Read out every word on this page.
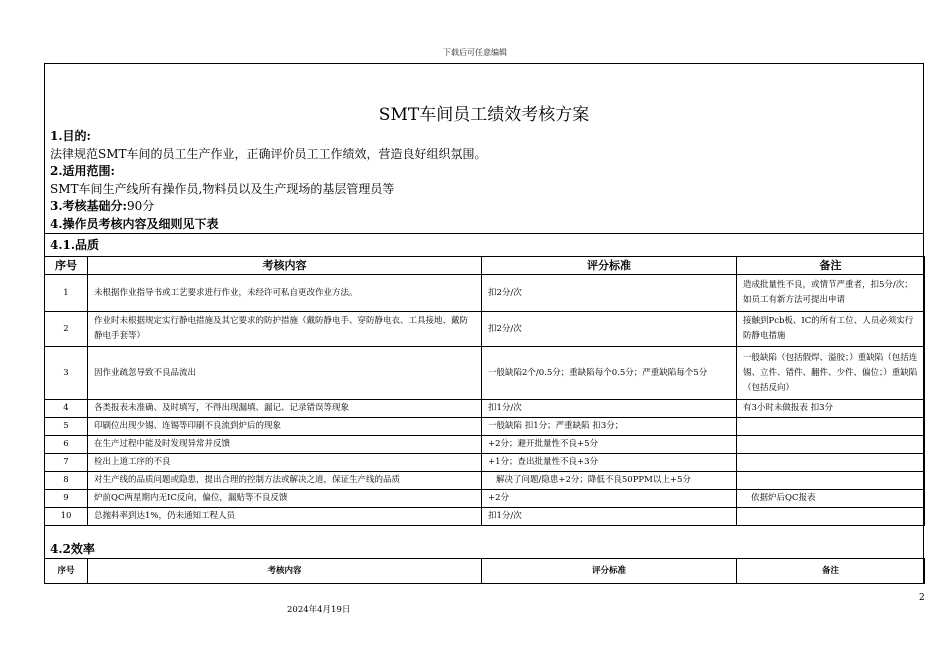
下载后可任意编辑
SMT车间员工绩效考核方案
1.目的:
法律规范SMT车间的员工生产作业，正确评价员工工作绩效，营造良好组织氛围。
2.适用范围:
SMT车间生产线所有操作员,物料员以及生产现场的基层管理员等
3.考核基础分:90分
4.操作员考核内容及细则见下表
4.1.品质
序号	考核内容	评分标准	备注
1	未根据作业指导书或工艺要求进行作业，未经许可私自更改作业方法。	扣2分/次	造成批量性不良，或情节严重者，扣5分/次；如员工有新方法可提出申请
2	作业时未根据规定实行静电措施及其它要求的防护措施（戴防静电手、穿防静电衣、工具接地、戴防静电手套等）	扣2分/次	接触到Pcb板、IC的所有工位、人员必须实行防静电措施
3	因作业疏忽导致不良品流出	一般缺陷2个/0.5分；重缺陷每个0.5分；严重缺陷每个5分	一般缺陷（包括假焊、溢胶；）重缺陷（包括连锡、立件、错件、翻件、少件、偏位；）重缺陷（包括反向）
4	各类报表未准确、及时填写，不得出现漏填、漏记、记录错误等现象	扣1分/次	有3小时未做报表 扣3分
5	印刷位出现少锡、连锡等印刷不良流到炉后的现象	一般缺陷 扣1分；严重缺陷 扣3分；	
6	在生产过程中能及时发现异常并反馈	+2分；避开批量性不良+5分	
7	检出上道工序的不良	+1分；查出批量性不良+3分	
8	对生产线的品质问题或隐患，提出合理的控制方法或解决之道，保证生产线的品质	解决了问题/隐患+2分；降低不良50PPM以上+5分	
9	炉前QC两星期内无IC反向，偏位，漏贴等不良反馈	+2分	依据炉后QC报表
10	总抛料率到达1%，仍未通知工程人员	扣1分/次	
4.2效率
序号	考核内容	评分标准	备注
2
2024年4月19日
